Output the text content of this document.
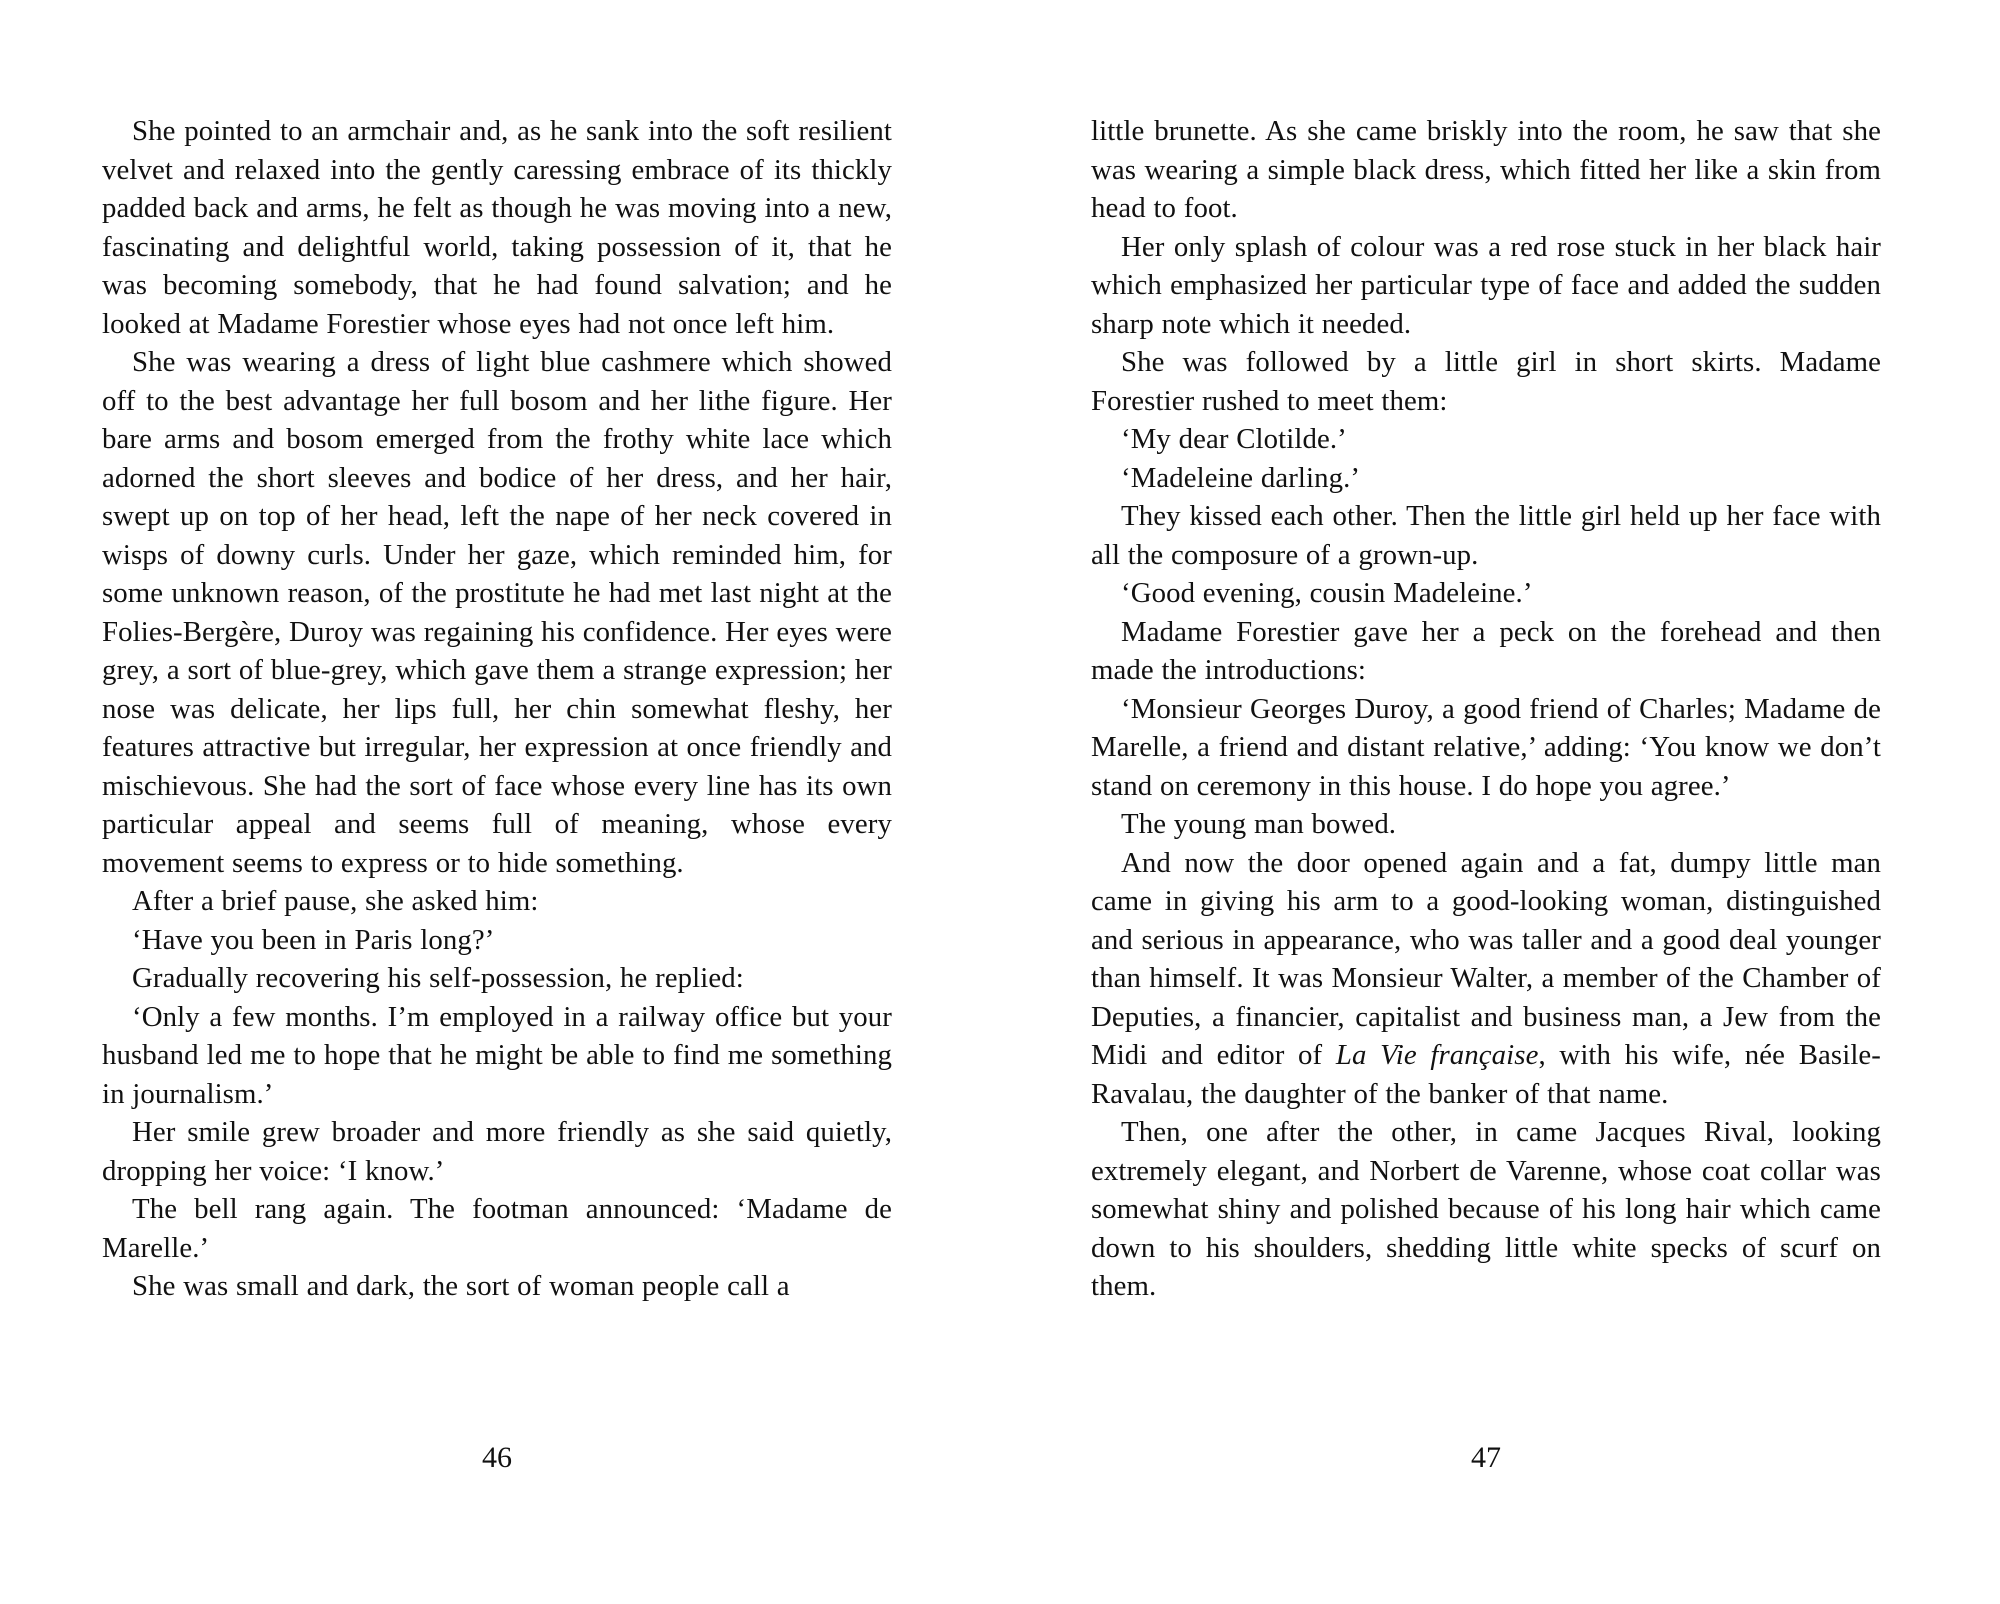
She pointed to an armchair and, as he sank into the soft resilient velvet and relaxed into the gently caressing embrace of its thickly padded back and arms, he felt as though he was moving into a new, fascinating and delightful world, taking possession of it, that he was becoming somebody, that he had found salvation; and he looked at Madame Forestier whose eyes had not once left him.

She was wearing a dress of light blue cashmere which showed off to the best advantage her full bosom and her lithe figure. Her bare arms and bosom emerged from the frothy white lace which adorned the short sleeves and bodice of her dress, and her hair, swept up on top of her head, left the nape of her neck covered in wisps of downy curls. Under her gaze, which reminded him, for some unknown reason, of the prostitute he had met last night at the Folies-Bergère, Duroy was regaining his confidence. Her eyes were grey, a sort of blue-grey, which gave them a strange expression; her nose was delicate, her lips full, her chin somewhat fleshy, her features attractive but irregular, her expression at once friendly and mischievous. She had the sort of face whose every line has its own particular appeal and seems full of meaning, whose every movement seems to express or to hide something.

After a brief pause, she asked him:

‘Have you been in Paris long?’

Gradually recovering his self-possession, he replied:

‘Only a few months. I’m employed in a railway office but your husband led me to hope that he might be able to find me something in journalism.’

Her smile grew broader and more friendly as she said quietly, dropping her voice: ‘I know.’

The bell rang again. The footman announced: ‘Madame de Marelle.’

She was small and dark, the sort of woman people call a

46

little brunette. As she came briskly into the room, he saw that she was wearing a simple black dress, which fitted her like a skin from head to foot.

Her only splash of colour was a red rose stuck in her black hair which emphasized her particular type of face and added the sudden sharp note which it needed.

She was followed by a little girl in short skirts. Madame Forestier rushed to meet them:

‘My dear Clotilde.’

‘Madeleine darling.’

They kissed each other. Then the little girl held up her face with all the composure of a grown-up.

‘Good evening, cousin Madeleine.’

Madame Forestier gave her a peck on the forehead and then made the introductions:

‘Monsieur Georges Duroy, a good friend of Charles; Madame de Marelle, a friend and distant relative,’ adding: ‘You know we don’t stand on ceremony in this house. I do hope you agree.’

The young man bowed.

And now the door opened again and a fat, dumpy little man came in giving his arm to a good-looking woman, distinguished and serious in appearance, who was taller and a good deal younger than himself. It was Monsieur Walter, a member of the Chamber of Deputies, a financier, capitalist and business man, a Jew from the Midi and editor of La Vie française, with his wife, née Basile-Ravalau, the daughter of the banker of that name.

Then, one after the other, in came Jacques Rival, looking extremely elegant, and Norbert de Varenne, whose coat collar was somewhat shiny and polished because of his long hair which came down to his shoulders, shedding little white specks of scurf on them.

47
